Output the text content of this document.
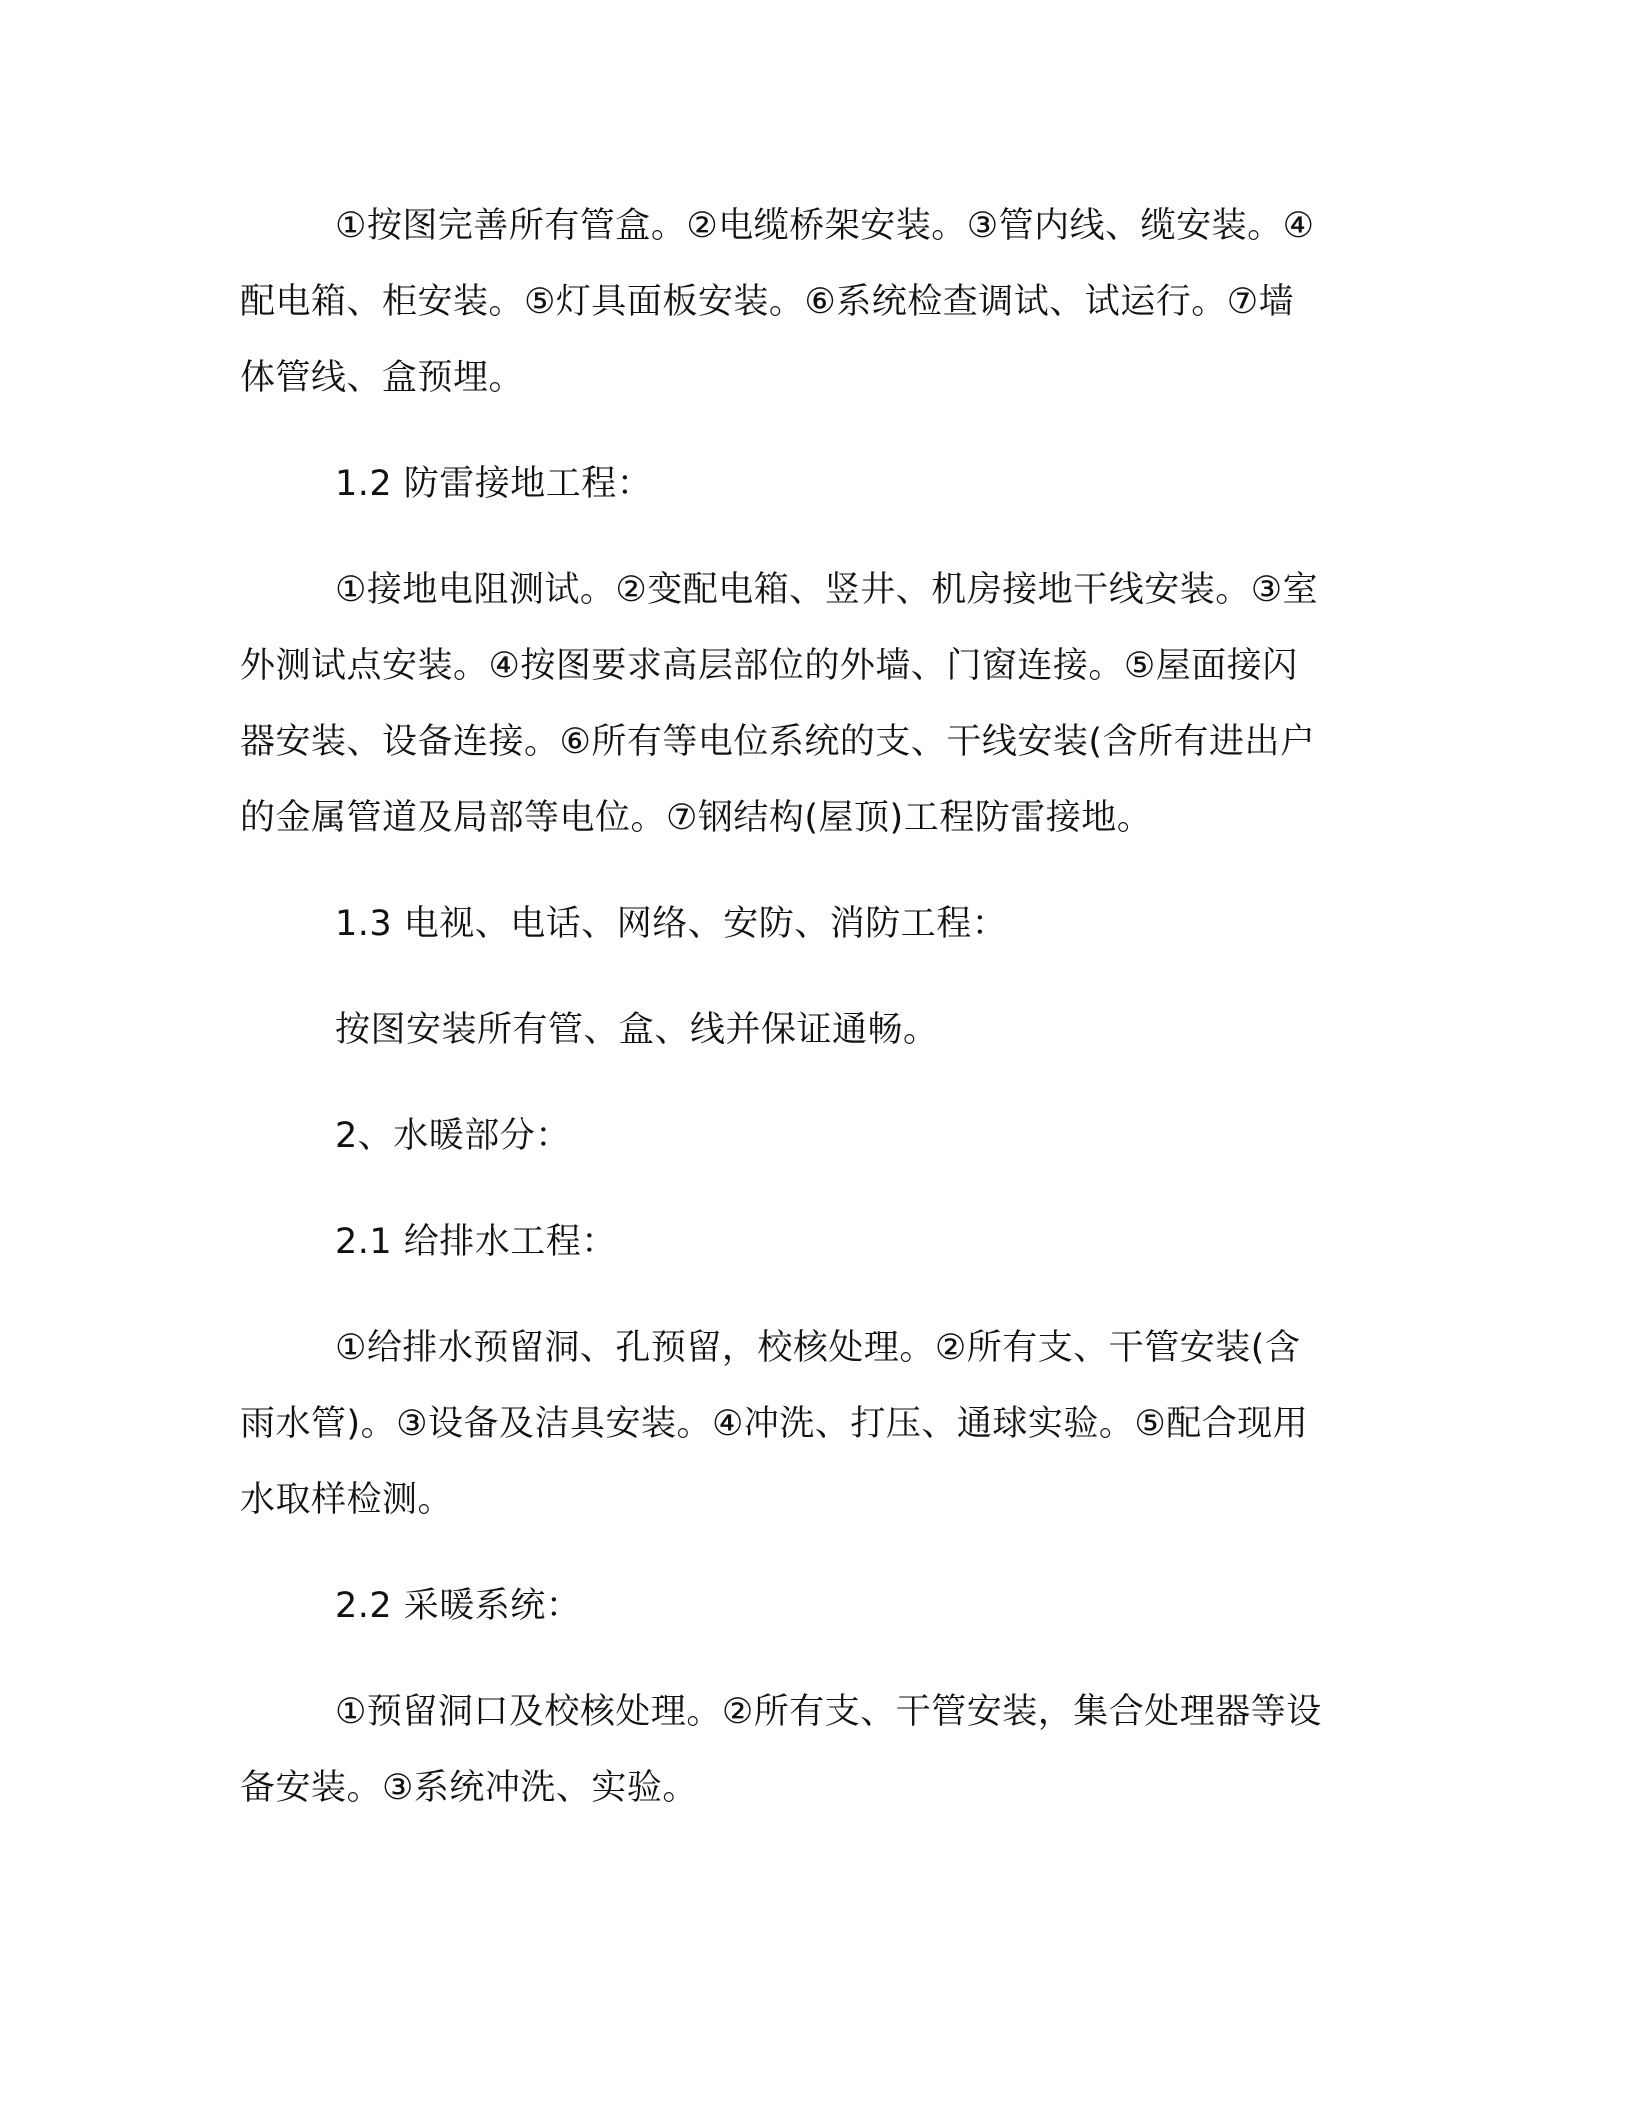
①按图完善所有管盒。②电缆桥架安装。③管内线、缆安装。④
配电箱、柜安装。⑤灯具面板安装。⑥系统检查调试、试运行。⑦墙
体管线、盒预埋。

1.2 防雷接地工程：

①接地电阻测试。②变配电箱、竖井、机房接地干线安装。③室
外测试点安装。④按图要求高层部位的外墙、门窗连接。⑤屋面接闪
器安装、设备连接。⑥所有等电位系统的支、干线安装(含所有进出户
的金属管道及局部等电位。⑦钢结构(屋顶)工程防雷接地。

1.3 电视、电话、网络、安防、消防工程：

按图安装所有管、盒、线并保证通畅。

2、水暖部分：

2.1 给排水工程：

①给排水预留洞、孔预留，校核处理。②所有支、干管安装(含
雨水管)。③设备及洁具安装。④冲洗、打压、通球实验。⑤配合现用
水取样检测。

2.2 采暖系统：

①预留洞口及校核处理。②所有支、干管安装，集合处理器等设
备安装。③系统冲洗、实验。
